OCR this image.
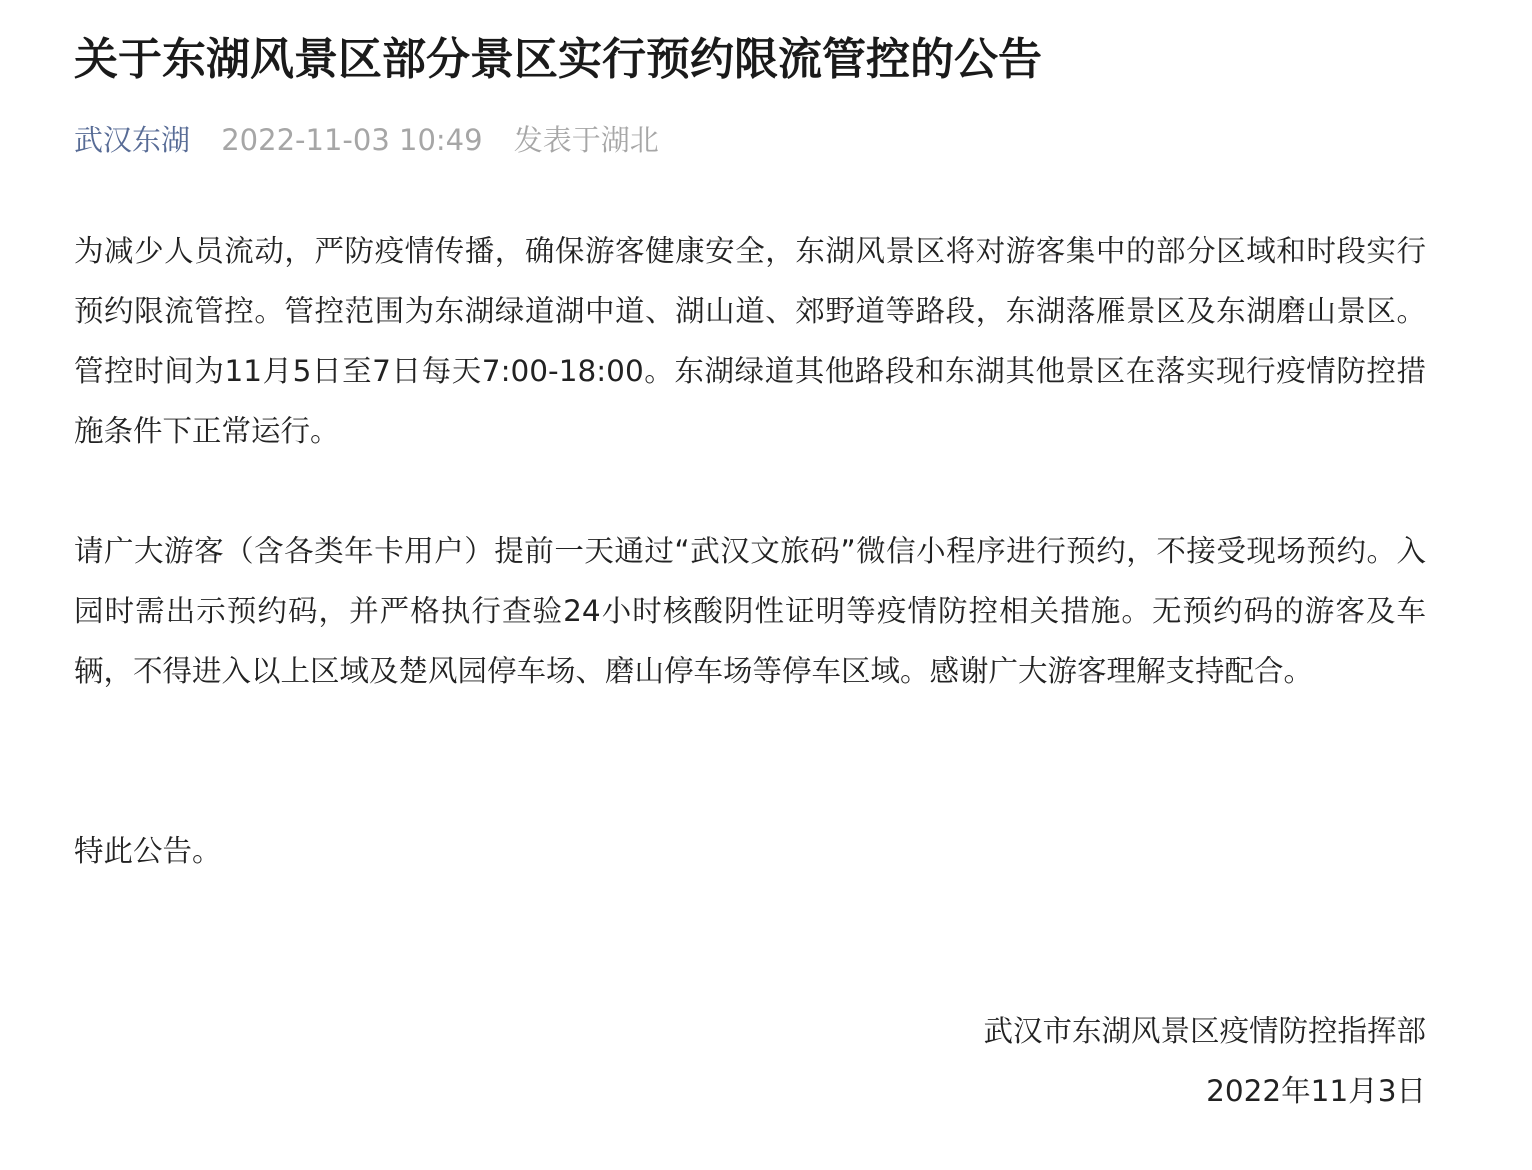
关于东湖风景区部分景区实行预约限流管控的公告
武汉东湖 2022-11-03 10:49 发表于湖北

为减少人员流动，严防疫情传播，确保游客健康安全，东湖风景区将对游客集中的部分区域和时段实行预约限流管控。管控范围为东湖绿道湖中道、湖山道、郊野道等路段，东湖落雁景区及东湖磨山景区。管控时间为11月5日至7日每天7:00-18:00。东湖绿道其他路段和东湖其他景区在落实现行疫情防控措施条件下正常运行。

请广大游客（含各类年卡用户）提前一天通过“武汉文旅码”微信小程序进行预约，不接受现场预约。入园时需出示预约码，并严格执行查验24小时核酸阴性证明等疫情防控相关措施。无预约码的游客及车辆，不得进入以上区域及楚风园停车场、磨山停车场等停车区域。感谢广大游客理解支持配合。

特此公告。

武汉市东湖风景区疫情防控指挥部
2022年11月3日
